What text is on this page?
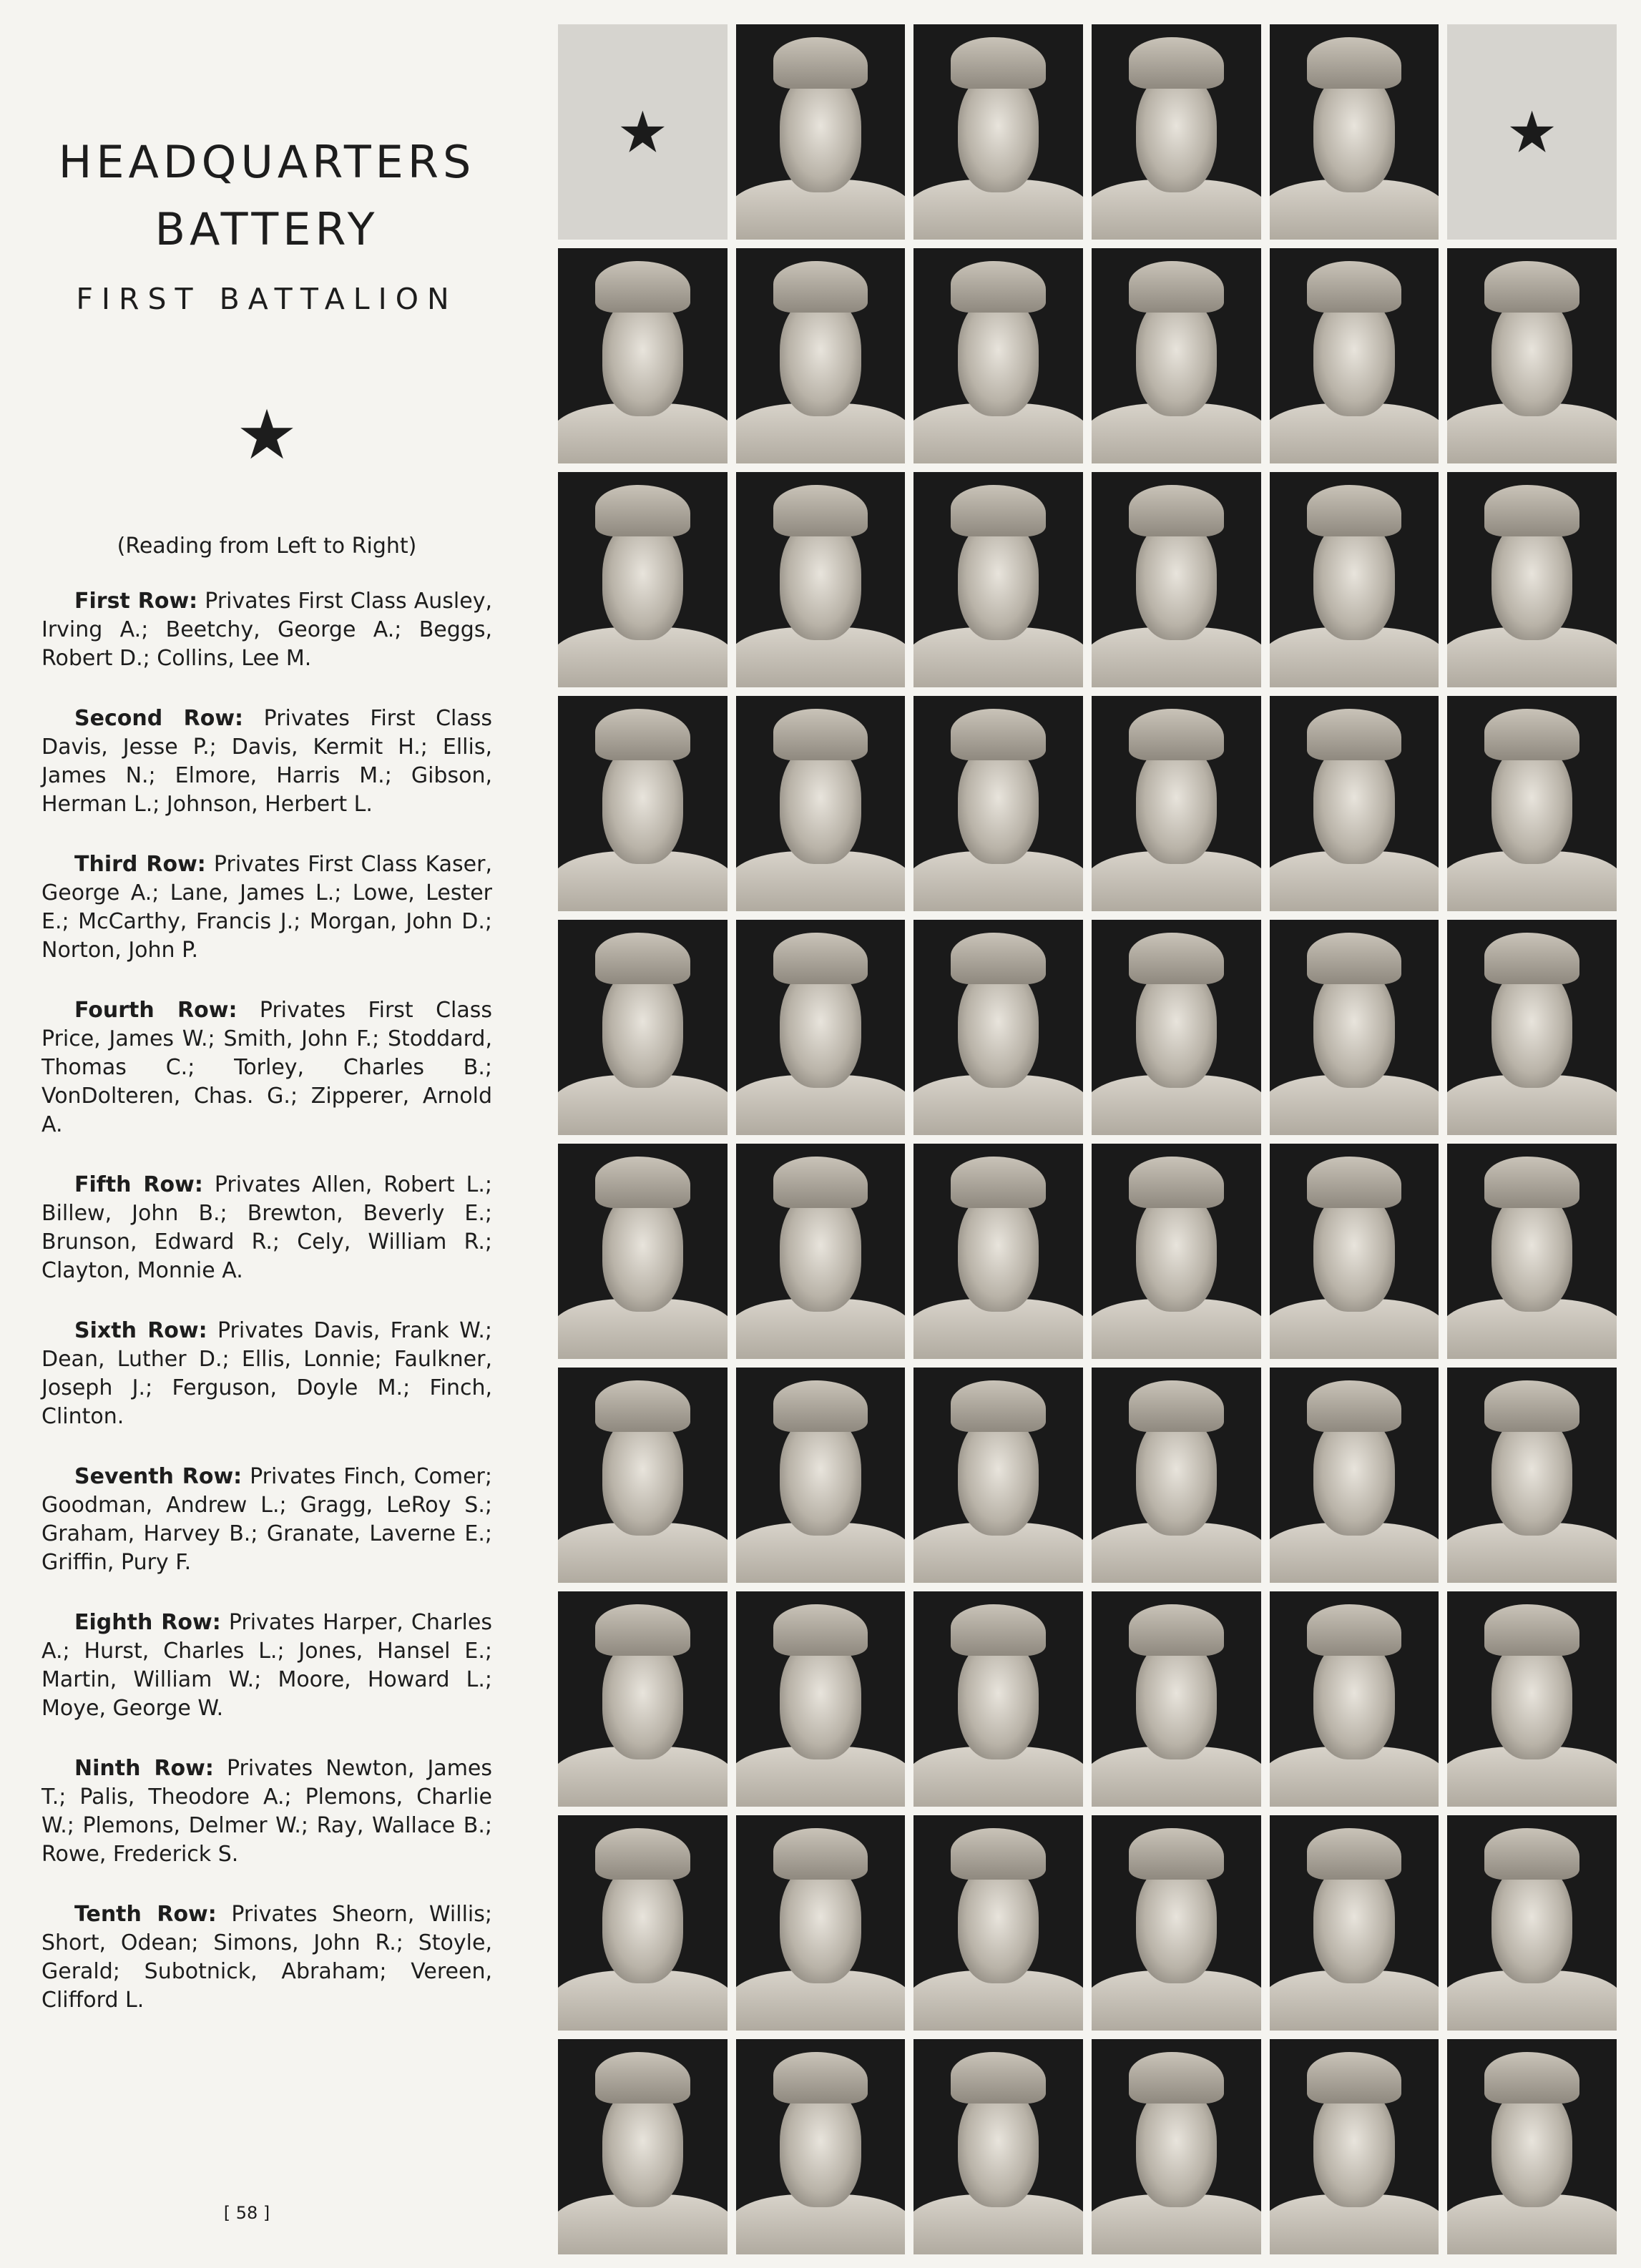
HEADQUARTERS
BATTERY
FIRST BATTALION
★
(Reading from Left to Right)

First Row: Privates First Class Ausley, Irving A.; Beetchy, George A.; Beggs, Robert D.; Collins, Lee M.

Second Row: Privates First Class Davis, Jesse P.; Davis, Kermit H.; Ellis, James N.; Elmore, Harris M.; Gibson, Herman L.; Johnson, Herbert L.

Third Row: Privates First Class Kaser, George A.; Lane, James L.; Lowe, Lester E.; McCarthy, Francis J.; Morgan, John D.; Norton, John P.

Fourth Row: Privates First Class Price, James W.; Smith, John F.; Stoddard, Thomas C.; Torley, Charles B.; VonDolteren, Chas. G.; Zipperer, Arnold A.

Fifth Row: Privates Allen, Robert L.; Billew, John B.; Brewton, Beverly E.; Brunson, Edward R.; Cely, William R.; Clayton, Monnie A.

Sixth Row: Privates Davis, Frank W.; Dean, Luther D.; Ellis, Lonnie; Faulkner, Joseph J.; Ferguson, Doyle M.; Finch, Clinton.

Seventh Row: Privates Finch, Comer; Goodman, Andrew L.; Gragg, LeRoy S.; Graham, Harvey B.; Granate, Laverne E.; Griffin, Pury F.

Eighth Row: Privates Harper, Charles A.; Hurst, Charles L.; Jones, Hansel E.; Martin, William W.; Moore, Howard L.; Moye, George W.

Ninth Row: Privates Newton, James T.; Palis, Theodore A.; Plemons, Charlie W.; Plemons, Delmer W.; Ray, Wallace B.; Rowe, Frederick S.

Tenth Row: Privates Sheorn, Willis; Short, Odean; Simons, John R.; Stoyle, Gerald; Subotnick, Abraham; Vereen, Clifford L.

[ 58 ]
★	★
